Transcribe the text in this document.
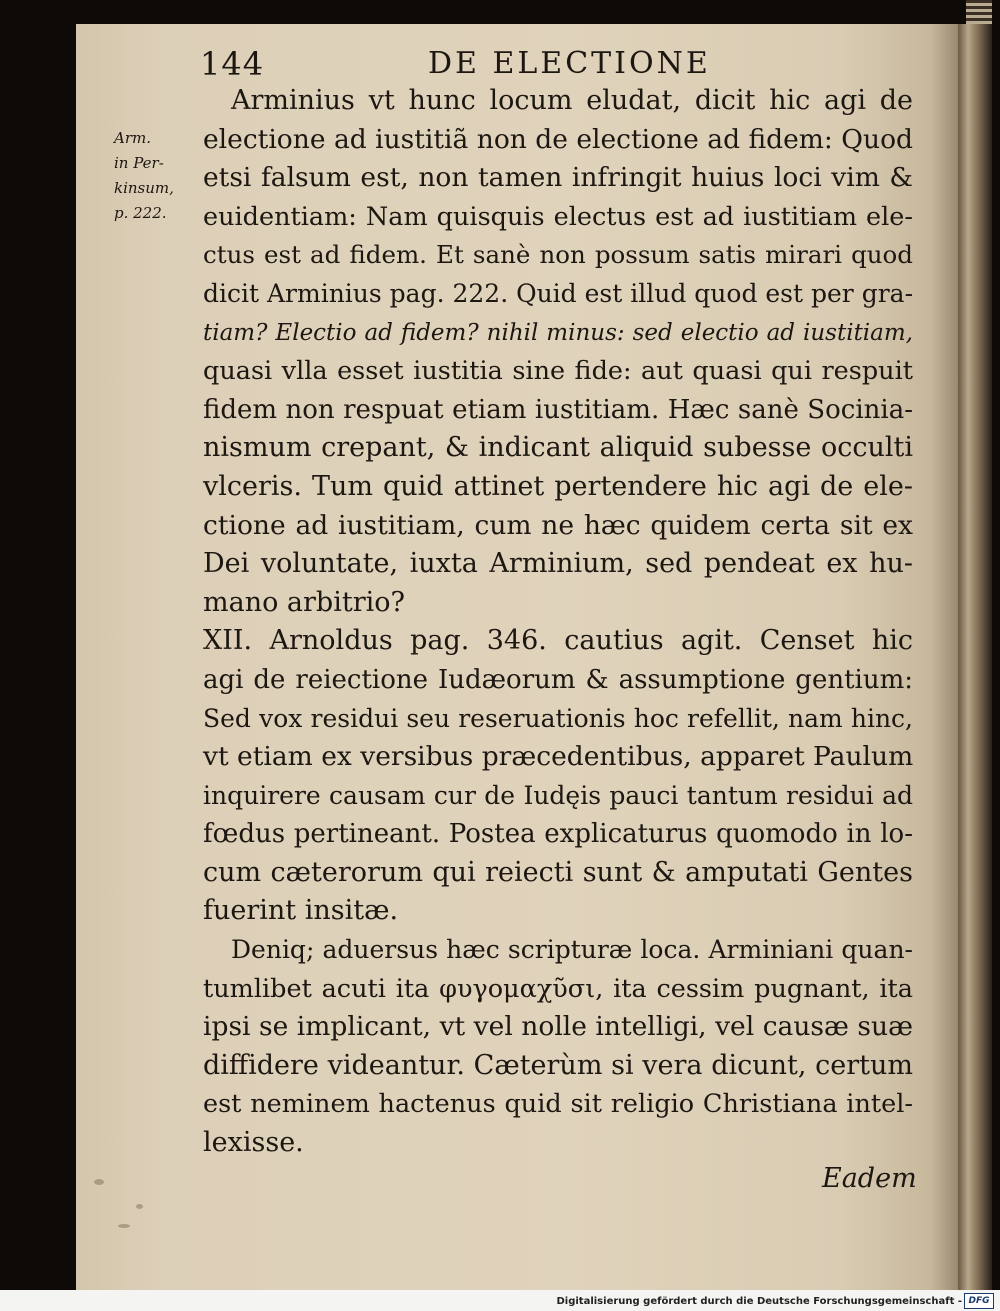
144	DE ELECTIONE
Arm.
in Per-
kinsum,
p. 222.
Arminius vt hunc locum eludat, dicit hic agi de
electione ad iustitiã non de electione ad fidem: Quod
etsi falsum est, non tamen infringit huius loci vim &
euidentiam: Nam quisquis electus est ad iustitiam ele-
ctus est ad fidem. Et sanè non possum satis mirari quod
dicit Arminius pag. 222. Quid est illud quod est per gra-
tiam? Electio ad fidem? nihil minus: sed electio ad iustitiam,
quasi vlla esset iustitia sine fide: aut quasi qui respuit
fidem non respuat etiam iustitiam. Hæc sanè Socinia-
nismum crepant, & indicant aliquid subesse occulti
vlceris. Tum quid attinet pertendere hic agi de ele-
ctione ad iustitiam, cum ne hæc quidem certa sit ex
Dei voluntate, iuxta Arminium, sed pendeat ex hu-
mano arbitrio?
XII. Arnoldus pag. 346. cautius agit. Censet hic
agi de reiectione Iudæorum & assumptione gentium:
Sed vox residui seu reseruationis hoc refellit, nam hinc,
vt etiam ex versibus præcedentibus, apparet Paulum
inquirere causam cur de Iudęis pauci tantum residui ad
fœdus pertineant. Postea explicaturus quomodo in lo-
cum cæterorum qui reiecti sunt & amputati Gentes
fuerint insitæ.
Deniq; aduersus hæc scripturæ loca. Arminiani quan-
tumlibet acuti ita φυγομαχῦσι, ita cessim pugnant, ita
ipsi se implicant, vt vel nolle intelligi, vel causæ suæ
diffidere videantur. Cæterùm si vera dicunt, certum
est neminem hactenus quid sit religio Christiana intel-
lexisse.
Eadem
Digitalisierung gefördert durch die Deutsche Forschungsgemeinschaft - DFG
